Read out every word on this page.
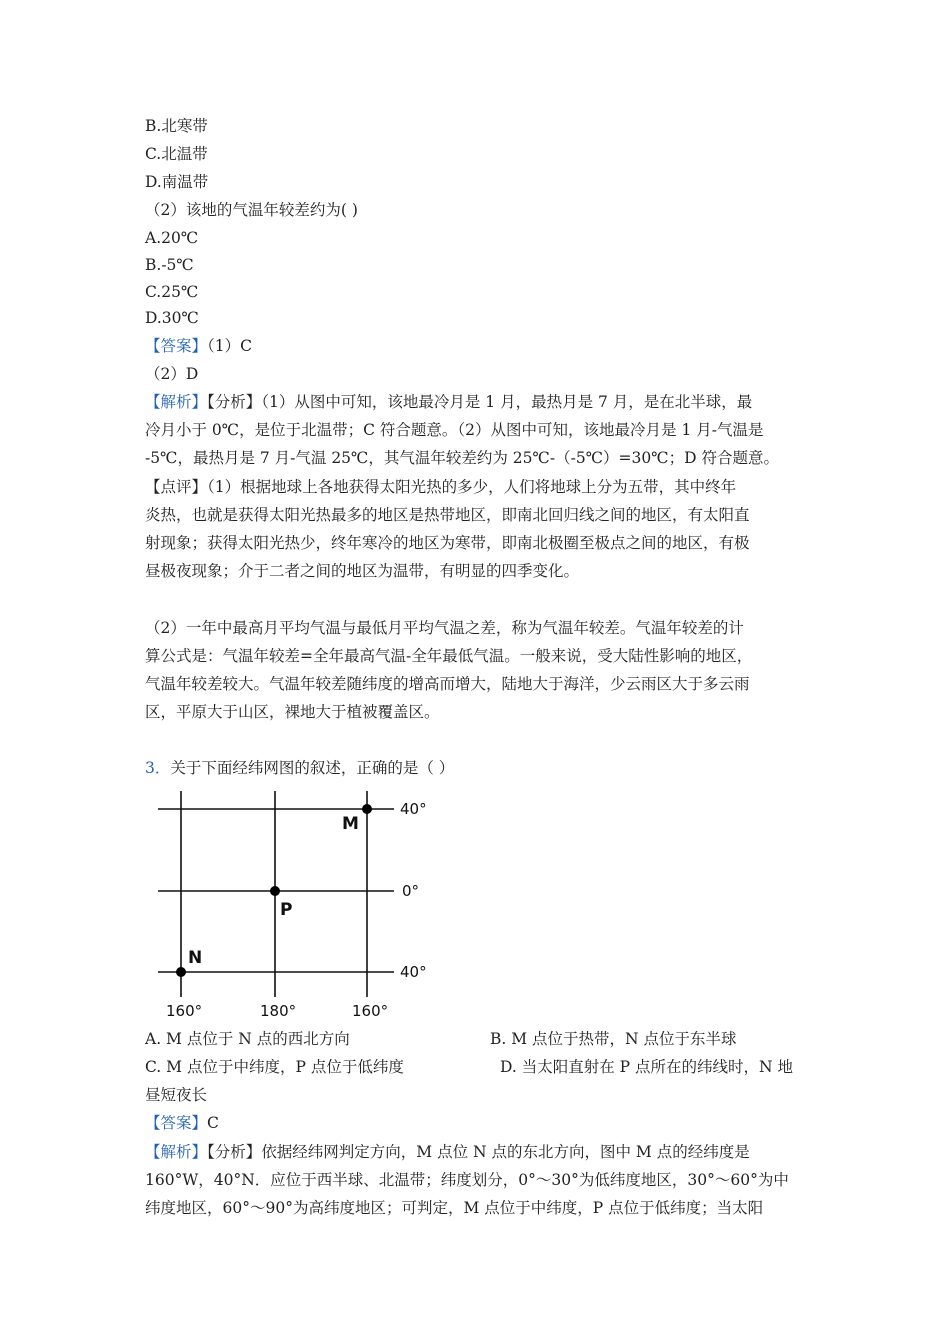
B.北寒带
C.北温带
D.南温带
（2）该地的气温年较差约为( )
A.20℃
B.-5℃
C.25℃
D.30℃
【答案】（1）C
（2）D
【解析】【分析】（1）从图中可知，该地最冷月是 1 月，最热月是 7 月，是在北半球，最
冷月小于 0℃，是位于北温带；C 符合题意。（2）从图中可知，该地最冷月是 1 月-气温是
-5℃，最热月是 7 月-气温 25℃，其气温年较差约为 25℃-（-5℃）=30℃；D 符合题意。
【点评】（1）根据地球上各地获得太阳光热的多少，人们将地球上分为五带，其中终年
炎热，也就是获得太阳光热最多的地区是热带地区，即南北回归线之间的地区，有太阳直
射现象；获得太阳光热少，终年寒冷的地区为寒带，即南北极圈至极点之间的地区，有极
昼极夜现象；介于二者之间的地区为温带，有明显的四季变化。
（2）一年中最高月平均气温与最低月平均气温之差，称为气温年较差。气温年较差的计
算公式是：气温年较差=全年最高气温-全年最低气温。一般来说，受大陆性影响的地区，
气温年较差较大。气温年较差随纬度的增高而增大，陆地大于海洋，少云雨区大于多云雨
区，平原大于山区，裸地大于植被覆盖区。
3．关于下面经纬网图的叙述，正确的是（ ）
M
P
N
40°
0°
40°
160°	180°	160°
A. M 点位于 N 点的西北方向	B. M 点位于热带，N 点位于东半球
C. M 点位于中纬度，P 点位于低纬度	D. 当太阳直射在 P 点所在的纬线时，N 地
昼短夜长
【答案】C
【解析】【分析】依据经纬网判定方向，M 点位 N 点的东北方向，图中 M 点的经纬度是
160°W，40°N．应位于西半球、北温带；纬度划分，0°～30°为低纬度地区，30°～60°为中
纬度地区，60°～90°为高纬度地区；可判定，M 点位于中纬度，P 点位于低纬度；当太阳
